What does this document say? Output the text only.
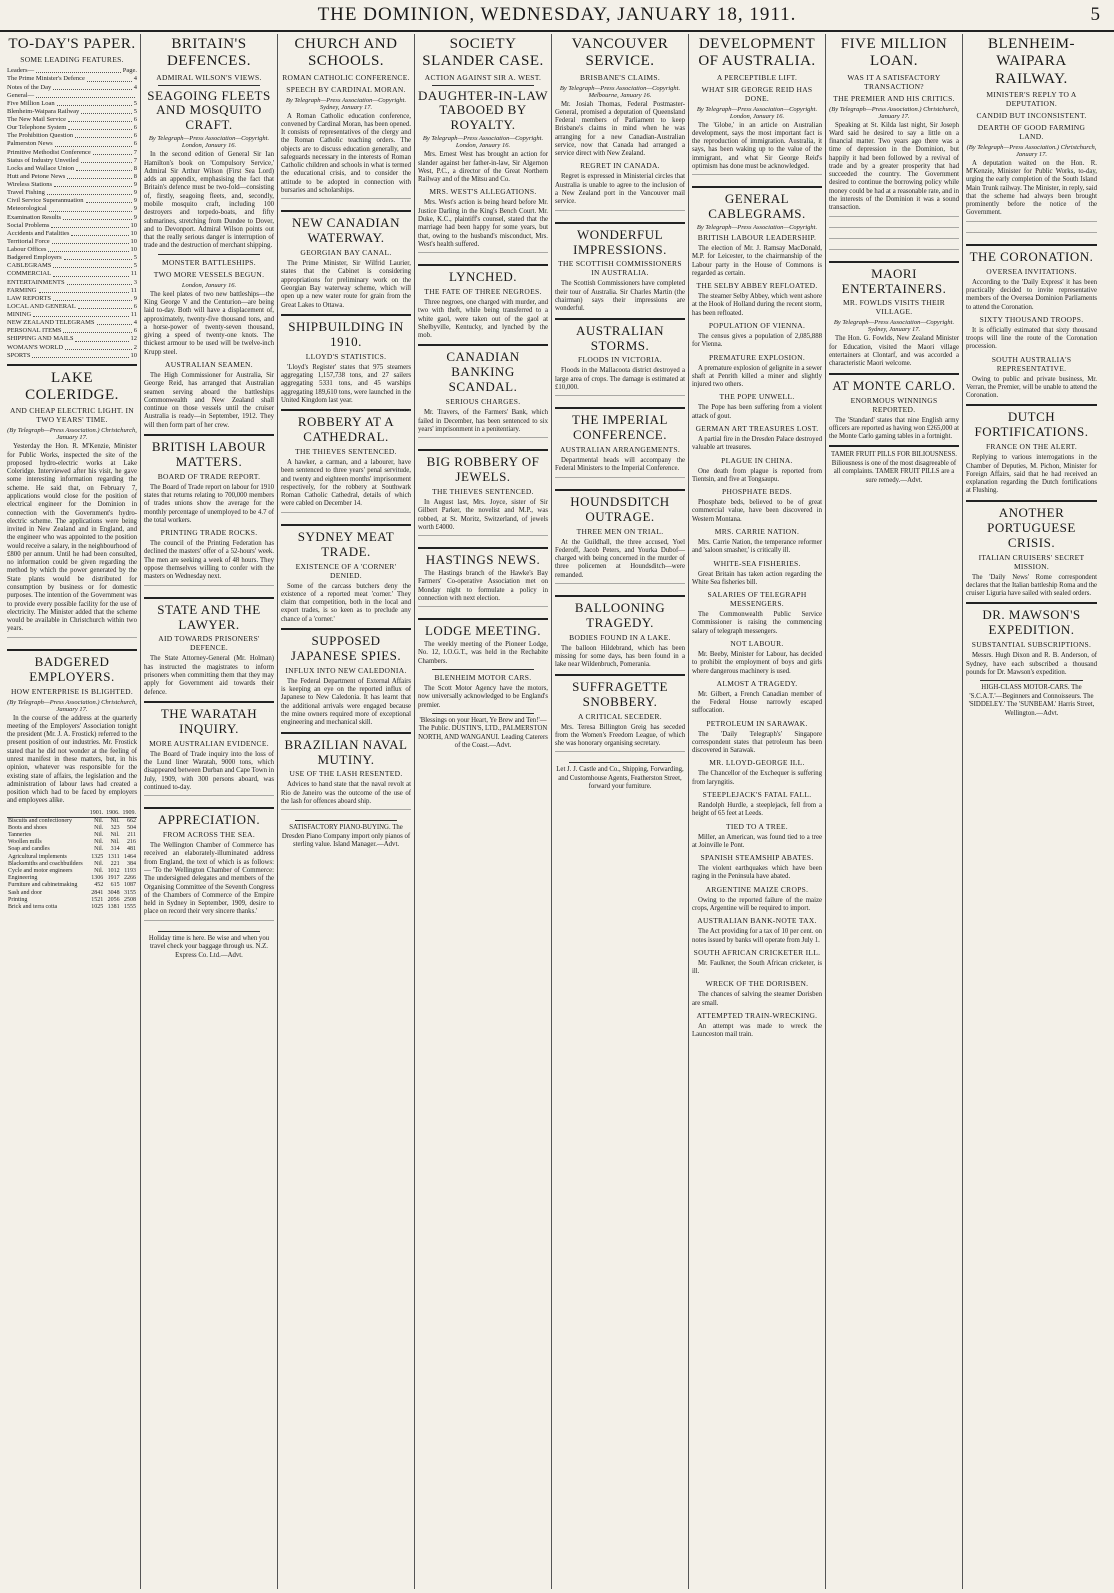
THE DOMINION, WEDNESDAY, JANUARY 18, 1911.	5
TO-DAY'S PAPER.
SOME LEADING FEATURES.
Leaders—	Page.
The Prime Minister's Defence	4
Notes of the Day	4
General—
Five Million Loan	5
Blenheim-Waipara Railway	5
The New Mail Service	6
Our Telephone System	6
The Prohibition Question	6
Palmerston News	6
Primitive Methodist Conference	7
Status of Industry Unveiled	7
Locks and Wallace Union	8
Hutt and Petone News	8
Wireless Stations	9
Travel Fishing	9
Civil Service Superannuation	9
Meteorological	9
Examination Results	9
Social Problems	10
Accidents and Fatalities	10
Territorial Force	10
Labour Offices	10
Badgered Employers	5
CABLEGRAMS	5
COMMERCIAL	11
ENTERTAINMENTS	3
FARMING	11
LAW REPORTS	9
LOCAL AND GENERAL	6
MINING	11
NEW ZEALAND TELEGRAMS	4
PERSONAL ITEMS	6
SHIPPING AND MAILS	12
WOMAN'S WORLD	2
SPORTS	10
LAKE COLERIDGE.
AND CHEAP ELECTRIC LIGHT. IN TWO YEARS' TIME.
(By Telegraph—Press Association.) Christchurch, January 17.

Yesterday the Hon. R. M'Kenzie, Minister for Public Works, inspected the site of the proposed hydro-electric works at Lake Coleridge. Interviewed after his visit, he gave some interesting information regarding the scheme. He said that, on February 7, applications would close for the position of electrical engineer for the Dominion in connection with the Government's hydro-electric scheme. The applications were being invited in New Zealand and in England, and the engineer who was appointed to the position would receive a salary, in the neighbourhood of £800 per annum. Until he had been consulted, no information could be given regarding the method by which the power generated by the State plants would be distributed for consumption by business or for domestic purposes. The intention of the Government was to provide every possible facility for the use of electricity. The Minister added that the scheme would be available in Christchurch within two years.

BADGERED EMPLOYERS.
HOW ENTERPRISE IS BLIGHTED.
(By Telegraph—Press Association.) Christchurch, January 17.

In the course of the address at the quarterly meeting of the Employers' Association tonight the president (Mr. J. A. Frostick) referred to the present position of our industries. Mr. Frostick stated that he did not wonder at the feeling of unrest manifest in these matters, but, in his opinion, whatever was responsible for the existing state of affairs, the legislation and the administration of labour laws had created a position which had to be faced by employers and employees alike.

	1901.	1906.	1909.
Biscuits and confectionery	Nil.	Nil.	662
Boots and shoes	Nil.	323	504
Tanneries	Nil.	Nil.	211
Woollen mills	Nil.	Nil.	216
Soap and candles	Nil.	314	481
Agricultural implements	1325	1311	1464
Blacksmiths and coachbuilders	Nil.	221	384
Cycle and motor engineers	Nil.	1012	1193
Engineering	1306	1917	2266
Furniture and cabinetmaking	452	615	1087
Sash and door	2841	3048	3155
Printing	1521	2056	2508
Brick and terra cotta	1025	1381	1555
BRITAIN'S DEFENCES.
ADMIRAL WILSON'S VIEWS.
SEAGOING FLEETS AND MOSQUITO CRAFT.
By Telegraph—Press Association—Copyright. London, January 16.

In the second edition of General Sir Ian Hamilton's book on 'Compulsory Service,' Admiral Sir Arthur Wilson (First Sea Lord) adds an appendix, emphasising the fact that Britain's defence must be two-fold—consisting of, firstly, seagoing fleets, and, secondly, mobile mosquito craft, including 100 destroyers and torpedo-boats, and fifty submarines, stretching from Dundee to Dover, and to Devonport. Admiral Wilson points out that the really serious danger is interruption of trade and the destruction of merchant shipping.

MONSTER BATTLESHIPS.
TWO MORE VESSELS BEGUN.
London, January 16.

The keel plates of two new battleships—the King George V and the Centurion—are being laid to-day. Both will have a displacement of, approximately, twenty-five thousand tons, and a horse-power of twenty-seven thousand, giving a speed of twenty-one knots. The thickest armour to be used will be twelve-inch Krupp steel.

AUSTRALIAN SEAMEN.

The High Commissioner for Australia, Sir George Reid, has arranged that Australian seamen serving aboard the battleships Commonwealth and New Zealand shall continue on those vessels until the cruiser Australia is ready—in September, 1912. They will then form part of her crew.

BRITISH LABOUR MATTERS.
BOARD OF TRADE REPORT.

The Board of Trade report on labour for 1910 states that returns relating to 700,000 members of trades unions show the average for the monthly percentage of unemployed to be 4.7 of the total workers.

PRINTING TRADE ROCKS.

The council of the Printing Federation has declined the masters' offer of a 52-hours' week. The men are seeking a week of 48 hours. They oppose themselves willing to confer with the masters on Wednesday next.

STATE AND THE LAWYER.
AID TOWARDS PRISONERS' DEFENCE.

The State Attorney-General (Mr. Holman) has instructed the magistrates to inform prisoners when committing them that they may apply for Government aid towards their defence.

THE WARATAH INQUIRY.
MORE AUSTRALIAN EVIDENCE.

The Board of Trade inquiry into the loss of the Lund liner Waratah, 9000 tons, which disappeared between Durban and Cape Town in July, 1909, with 300 persons aboard, was continued to-day.

APPRECIATION.
FROM ACROSS THE SEA.

The Wellington Chamber of Commerce has received an elaborately-illuminated address from England, the text of which is as follows:— 'To the Wellington Chamber of Commerce: The undersigned delegates and members of the Organising Committee of the Seventh Congress of the Chambers of Commerce of the Empire held in Sydney in September, 1909, desire to place on record their very sincere thanks.'

Holiday time is here. Be wise and when you travel check your baggage through us. N.Z. Express Co. Ltd.—Advt.
CHURCH AND SCHOOLS.
ROMAN CATHOLIC CONFERENCE.
SPEECH BY CARDINAL MORAN.
By Telegraph—Press Association—Copyright. Sydney, January 17.

A Roman Catholic education conference, convened by Cardinal Moran, has been opened. It consists of representatives of the clergy and the Roman Catholic teaching orders. The objects are to discuss education generally, and safeguards necessary in the interests of Roman Catholic children and schools in what is termed the educational crisis, and to consider the attitude to be adopted in connection with bursaries and scholarships.

NEW CANADIAN WATERWAY.
GEORGIAN BAY CANAL.

The Prime Minister, Sir Wilfrid Laurier, states that the Cabinet is considering appropriations for preliminary work on the Georgian Bay waterway scheme, which will open up a new water route for grain from the Great Lakes to Ottawa.

SHIPBUILDING IN 1910.
LLOYD'S STATISTICS.

'Lloyd's Register' states that 975 steamers aggregating 1,157,738 tons, and 27 sailers aggregating 5331 tons, and 45 warships aggregating 189,610 tons, were launched in the United Kingdom last year.

ROBBERY AT A CATHEDRAL.
THE THIEVES SENTENCED.

A hawker, a carman, and a labourer, have been sentenced to three years' penal servitude, and twenty and eighteen months' imprisonment respectively, for the robbery at Southwark Roman Catholic Cathedral, details of which were cabled on December 14.

SYDNEY MEAT TRADE.
EXISTENCE OF A 'CORNER' DENIED.

Some of the carcass butchers deny the existence of a reported meat 'corner.' They claim that competition, both in the local and export trades, is so keen as to preclude any chance of a 'corner.'

SUPPOSED JAPANESE SPIES.
INFLUX INTO NEW CALEDONIA.

The Federal Department of External Affairs is keeping an eye on the reported influx of Japanese to New Caledonia. It has learnt that the additional arrivals were engaged because the mine owners required more of exceptional engineering and mechanical skill.

BRAZILIAN NAVAL MUTINY.
USE OF THE LASH RESENTED.

Advices to hand state that the naval revolt at Rio de Janeiro was the outcome of the use of the lash for offences aboard ship.

SATISFACTORY PIANO-BUYING. The Dresden Piano Company import only pianos of sterling value. Island Manager.—Advt.
SOCIETY SLANDER CASE.
ACTION AGAINST SIR A. WEST.
DAUGHTER-IN-LAW TABOOED BY ROYALTY.
By Telegraph—Press Association—Copyright. London, January 16.

Mrs. Ernest West has brought an action for slander against her father-in-law, Sir Algernon West, P.C., a director of the Great Northern Railway and of the Mitsu and Co.

MRS. WEST'S ALLEGATIONS.

Mrs. West's action is being heard before Mr. Justice Darling in the King's Bench Court. Mr. Duke, K.C., plaintiff's counsel, stated that the marriage had been happy for some years, but that, owing to the husband's misconduct, Mrs. West's health suffered.

LYNCHED.
THE FATE OF THREE NEGROES.

Three negroes, one charged with murder, and two with theft, while being transferred to a white gaol, were taken out of the gaol at Shelbyville, Kentucky, and lynched by the mob.

CANADIAN BANKING SCANDAL.
SERIOUS CHARGES.

Mr. Travers, of the Farmers' Bank, which failed in December, has been sentenced to six years' imprisonment in a penitentiary.

BIG ROBBERY OF JEWELS.
THE THIEVES SENTENCED.

In August last, Mrs. Joyce, sister of Sir Gilbert Parker, the novelist and M.P., was robbed, at St. Moritz, Switzerland, of jewels worth £4000.

HASTINGS NEWS.

The Hastings branch of the Hawke's Bay Farmers' Co-operative Association met on Monday night to formulate a policy in connection with next election.

LODGE MEETING.

The weekly meeting of the Pioneer Lodge, No. 12, I.O.G.T., was held in the Rechabite Chambers.

BLENHEIM MOTOR CARS.

The Scott Motor Agency have the motors, now universally acknowledged to be England's premier.

'Blessings on your Heart, Ye Brew and Ten!'—The Public. DUSTIN'S, LTD., PALMERSTON NORTH, AND WANGANUI. Leading Caterers of the Coast.—Advt.
VANCOUVER SERVICE.
BRISBANE'S CLAIMS.
By Telegraph—Press Association—Copyright. Melbourne, January 16.

Mr. Josiah Thomas, Federal Postmaster-General, promised a deputation of Queensland Federal members of Parliament to keep Brisbane's claims in mind when he was arranging for a new Canadian-Australian service, now that Canada had arranged a service direct with New Zealand.

REGRET IN CANADA.

Regret is expressed in Ministerial circles that Australia is unable to agree to the inclusion of a New Zealand port in the Vancouver mail service.

WONDERFUL IMPRESSIONS.
THE SCOTTISH COMMISSIONERS IN AUSTRALIA.

The Scottish Commissioners have completed their tour of Australia. Sir Charles Martin (the chairman) says their impressions are wonderful.

AUSTRALIAN STORMS.
FLOODS IN VICTORIA.

Floods in the Mallacoota district destroyed a large area of crops. The damage is estimated at £10,000.

THE IMPERIAL CONFERENCE.
AUSTRALIAN ARRANGEMENTS.

Departmental heads will accompany the Federal Ministers to the Imperial Conference.

HOUNDSDITCH OUTRAGE.
THREE MEN ON TRIAL.

At the Guildhall, the three accused, Yoel Federoff, Jacob Peters, and Yourka Dubof—charged with being concerned in the murder of three policemen at Houndsditch—were remanded.

BALLOONING TRAGEDY.
BODIES FOUND IN A LAKE.

The balloon Hildebrand, which has been missing for some days, has been found in a lake near Wildenbruch, Pomerania.

SUFFRAGETTE SNOBBERY.
A CRITICAL SECEDER.

Mrs. Teresa Billington Greig has seceded from the Women's Freedom League, of which she was honorary organising secretary.

Let J. J. Castle and Co., Shipping, Forwarding, and Customhouse Agents, Featherston Street, forward your furniture.
DEVELOPMENT OF AUSTRALIA.
A PERCEPTIBLE LIFT.
WHAT SIR GEORGE REID HAS DONE.
By Telegraph—Press Association—Copyright. London, January 16.

The 'Globe,' in an article on Australian development, says the most important fact is the reproduction of immigration. Australia, it says, has been waking up to the value of the immigrant, and what Sir George Reid's optimism has done must be acknowledged.

GENERAL CABLEGRAMS.
By Telegraph—Press Association—Copyright.
BRITISH LABOUR LEADERSHIP.

The election of Mr. J. Ramsay MacDonald, M.P. for Leicester, to the chairmanship of the Labour party in the House of Commons is regarded as certain.

THE SELBY ABBEY REFLOATED.

The steamer Selby Abbey, which went ashore at the Hook of Holland during the recent storm, has been refloated.

POPULATION OF VIENNA.

The census gives a population of 2,085,888 for Vienna.

PREMATURE EXPLOSION.

A premature explosion of gelignite in a sewer shaft at Penrith killed a miner and slightly injured two others.

THE POPE UNWELL.

The Pope has been suffering from a violent attack of gout.

GERMAN ART TREASURES LOST.

A partial fire in the Dresden Palace destroyed valuable art treasures.

PLAGUE IN CHINA.

One death from plague is reported from Tientsin, and five at Tongsaupu.

PHOSPHATE BEDS.

Phosphate beds, believed to be of great commercial value, have been discovered in Western Montana.

MRS. CARRIE NATION.

Mrs. Carrie Nation, the temperance reformer and 'saloon smasher,' is critically ill.

WHITE-SEA FISHERIES.

Great Britain has taken action regarding the White Sea fisheries bill.

SALARIES OF TELEGRAPH MESSENGERS.

The Commonwealth Public Service Commissioner is raising the commencing salary of telegraph messengers.

NOT LABOUR.

Mr. Beeby, Minister for Labour, has decided to prohibit the employment of boys and girls where dangerous machinery is used.

ALMOST A TRAGEDY.

Mr. Gilbert, a French Canadian member of the Federal House narrowly escaped suffocation.

PETROLEUM IN SARAWAK.

The 'Daily Telegraph's' Singapore correspondent states that petroleum has been discovered in Sarawak.

MR. LLOYD-GEORGE ILL.

The Chancellor of the Exchequer is suffering from laryngitis.

STEEPLEJACK'S FATAL FALL.

Randolph Hurdle, a steeplejack, fell from a height of 65 feet at Leeds.

TIED TO A TREE.

Miller, an American, was found tied to a tree at Joinville le Pont.

SPANISH STEAMSHIP ABATES.

The violent earthquakes which have been raging in the Peninsula have abated.

ARGENTINE MAIZE CROPS.

Owing to the reported failure of the maize crops, Argentine will be required to import.

AUSTRALIAN BANK-NOTE TAX.

The Act providing for a tax of 10 per cent. on notes issued by banks will operate from July 1.

SOUTH AFRICAN CRICKETER ILL.

Mr. Faulkner, the South African cricketer, is ill.

WRECK OF THE DORISBEN.

The chances of salving the steamer Dorisben are small.

ATTEMPTED TRAIN-WRECKING.

An attempt was made to wreck the Launceston mail train.

FIVE MILLION LOAN.
WAS IT A SATISFACTORY TRANSACTION?
THE PREMIER AND HIS CRITICS.
(By Telegraph—Press Association.) Christchurch, January 17.

Speaking at St. Kilda last night, Sir Joseph Ward said he desired to say a little on a financial matter. Two years ago there was a time of depression in the Dominion, but happily it had been followed by a revival of trade and by a greater prosperity that had succeeded the country. The Government desired to continue the borrowing policy while money could be had at a reasonable rate, and in the interests of the Dominion it was a sound transaction.

MAORI ENTERTAINERS.
MR. FOWLDS VISITS THEIR VILLAGE.
By Telegraph—Press Association—Copyright. Sydney, January 17.

The Hon. G. Fowlds, New Zealand Minister for Education, visited the Maori village entertainers at Clontarf, and was accorded a characteristic Maori welcome.

AT MONTE CARLO.
ENORMOUS WINNINGS REPORTED.

The 'Standard' states that nine English army officers are reported as having won £265,000 at the Monte Carlo gaming tables in a fortnight.

TAMER FRUIT PILLS FOR BILIOUSNESS. Biliousness is one of the most disagreeable of all complaints. TAMER FRUIT PILLS are a sure remedy.—Advt.
BLENHEIM-WAIPARA RAILWAY.
MINISTER'S REPLY TO A DEPUTATION.
CANDID BUT INCONSISTENT.
DEARTH OF GOOD FARMING LAND.
(By Telegraph—Press Association.) Christchurch, January 17.

A deputation waited on the Hon. R. M'Kenzie, Minister for Public Works, to-day, urging the early completion of the South Island Main Trunk railway. The Minister, in reply, said that the scheme had always been brought prominently before the notice of the Government.

THE CORONATION.
OVERSEA INVITATIONS.

According to the 'Daily Express' it has been practically decided to invite representative members of the Oversea Dominion Parliaments to attend the Coronation.

SIXTY THOUSAND TROOPS.

It is officially estimated that sixty thousand troops will line the route of the Coronation procession.

SOUTH AUSTRALIA'S REPRESENTATIVE.

Owing to public and private business, Mr. Verran, the Premier, will be unable to attend the Coronation.

DUTCH FORTIFICATIONS.
FRANCE ON THE ALERT.

Replying to various interrogations in the Chamber of Deputies, M. Pichon, Minister for Foreign Affairs, said that he had received an explanation regarding the Dutch fortifications at Flushing.

ANOTHER PORTUGUESE CRISIS.
ITALIAN CRUISERS' SECRET MISSION.

The 'Daily News' Rome correspondent declares that the Italian battleship Roma and the cruiser Liguria have sailed with sealed orders.

DR. MAWSON'S EXPEDITION.
SUBSTANTIAL SUBSCRIPTIONS.

Messrs. Hugh Dixon and R. B. Anderson, of Sydney, have each subscribed a thousand pounds for Dr. Mawson's expedition.

HIGH-CLASS MOTOR-CARS. The 'S.C.A.T.'—Beginners and Connoisseurs. The 'SIDDELEY.' The 'SUNBEAM.' Harris Street, Wellington.—Advt.
